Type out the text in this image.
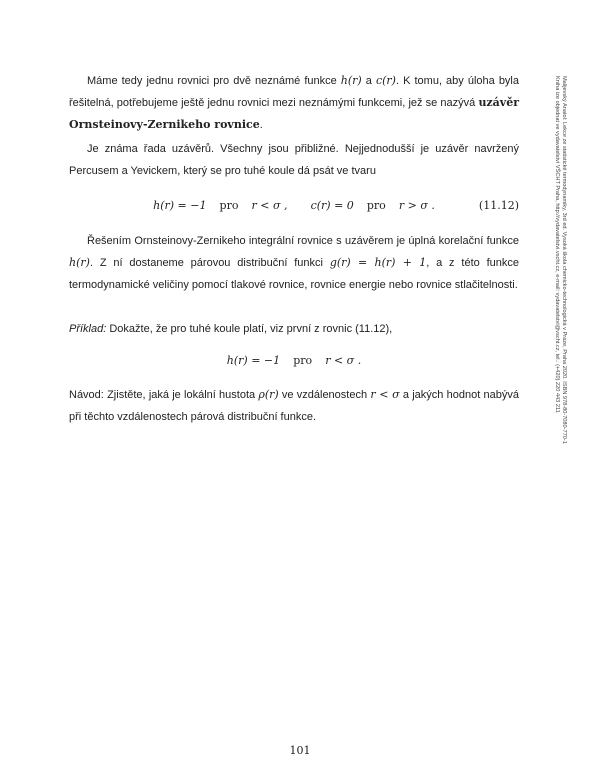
Máme tedy jednu rovnici pro dvě neznámé funkce h(r) a c(r). K tomu, aby úloha byla řešitelná, potřebujeme ještě jednu rovnici mezi neznámými funkcemi, jež se nazývá uzávěr Ornsteinovy-Zernikeho rovnice.

Je známa řada uzávěrů. Všechny jsou přibližné. Nejjednodušší je uzávěr navržený Percusem a Yevickem, který se pro tuhé koule dá psát ve tvaru

h(r) = −1 pro r < σ , c(r) = 0 pro r > σ .	(11.12)

Řešením Ornsteinovy-Zernikeho integrální rovnice s uzávěrem je úplná korelační funkce h(r). Z ní dostaneme párovou distribuční funkci g(r) = h(r) + 1, a z této funkce termodynamické veličiny pomocí tlakové rovnice, rovnice energie nebo rovnice stlačitelnosti.

Příklad: Dokažte, že pro tuhé koule platí, viz první z rovnic (11.12),

h(r) = −1 pro r < σ .

Návod: Zjistěte, jaká je lokální hustota ρ(r) ve vzdálenostech r < σ a jakých hodnot nabývá při těchto vzdálenostech párová distribuční funkce.	Malijevský Anatol: Lekce ze statistické termodynamiky, 3rd ed. Vysoká škola chemicko-technologická v Praze, Praha 2020. ISBN 978-80-7080-770-1
Kniha ize objednat ve vydavatelství VŠCHT Praha, http://vydavatelstvi.vscht.cz, e-mail: vydavatelstvi@vscht.cz, tel.: (+420) 220 443 211
101
